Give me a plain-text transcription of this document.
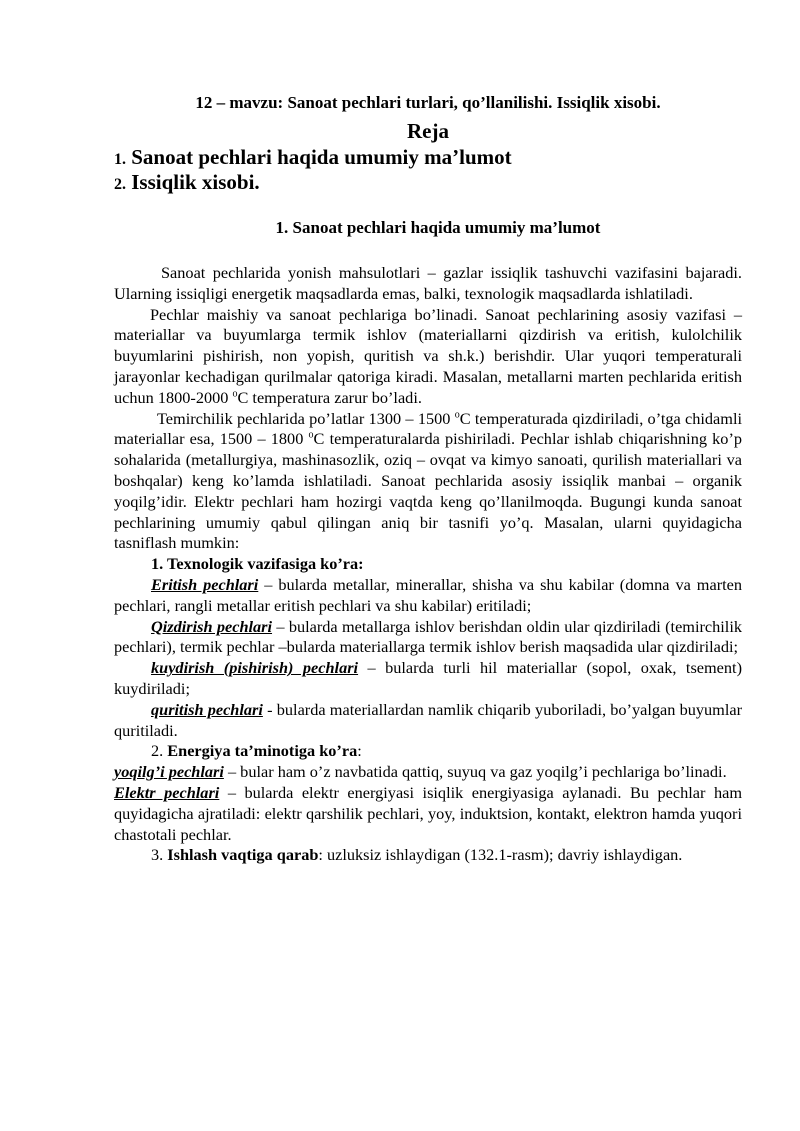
12 – mavzu: Sanoat pechlari turlari, qo’llanilishi. Issiqlik xisobi.

Reja

1. Sanoat pechlari haqida umumiy ma’lumot

2. Issiqlik xisobi.

1. Sanoat pechlari haqida umumiy ma’lumot

Sanoat pechlarida yonish mahsulotlari – gazlar issiqlik tashuvchi vazifasini bajaradi. Ularning issiqligi energetik maqsadlarda emas, balki, texnologik maqsadlarda ishlatiladi.

Pechlar maishiy va sanoat pechlariga bo’linadi. Sanoat pechlarining asosiy vazifasi – materiallar va buyumlarga termik ishlov (materiallarni qizdirish va eritish, kulolchilik buyumlarini pishirish, non yopish, quritish va sh.k.) berishdir. Ular yuqori temperaturali jarayonlar kechadigan qurilmalar qatoriga kiradi. Masalan, metallarni marten pechlarida eritish uchun 1800-2000 $^o$C temperatura zarur bo’ladi.

Temirchilik pechlarida po’latlar 1300 – 1500 $^o$C temperaturada qizdiriladi, o’tga chidamli materiallar esa, 1500 – 1800 $^o$C temperaturalarda pishiriladi. Pechlar ishlab chiqarishning ko’p sohalarida (metallurgiya, mashinasozlik, oziq – ovqat va kimyo sanoati, qurilish materiallari va boshqalar) keng ko’lamda ishlatiladi. Sanoat pechlarida asosiy issiqlik manbai – organik yoqilg’idir. Elektr pechlari ham hozirgi vaqtda keng qo’llanilmoqda. Bugungi kunda sanoat pechlarining umumiy qabul qilingan aniq bir tasnifi yo’q. Masalan, ularni quyidagicha tasniflash mumkin:

1. Texnologik vazifasiga ko’ra:

Eritish pechlari – bularda metallar, minerallar, shisha va shu kabilar (domna va marten pechlari, rangli metallar eritish pechlari va shu kabilar) eritiladi;

Qizdirish pechlari – bularda metallarga ishlov berishdan oldin ular qizdiriladi (temirchilik pechlari), termik pechlar –bularda materiallarga termik ishlov berish maqsadida ular qizdiriladi;

kuydirish (pishirish) pechlari – bularda turli hil materiallar (sopol, oxak, tsement) kuydiriladi;

quritish pechlari - bularda materiallardan namlik chiqarib yuboriladi, bo’yalgan buyumlar quritiladi.

2. Energiya ta’minotiga ko’ra:

yoqilg’i pechlari – bular ham o’z navbatida qattiq, suyuq va gaz yoqilg’i pechlariga bo’linadi.

Elektr pechlari – bularda elektr energiyasi isiqlik energiyasiga aylanadi. Bu pechlar ham quyidagicha ajratiladi: elektr qarshilik pechlari, yoy, induktsion, kontakt, elektron hamda yuqori chastotali pechlar.

3. Ishlash vaqtiga qarab: uzluksiz ishlaydigan (132.1-rasm); davriy ishlaydigan.
